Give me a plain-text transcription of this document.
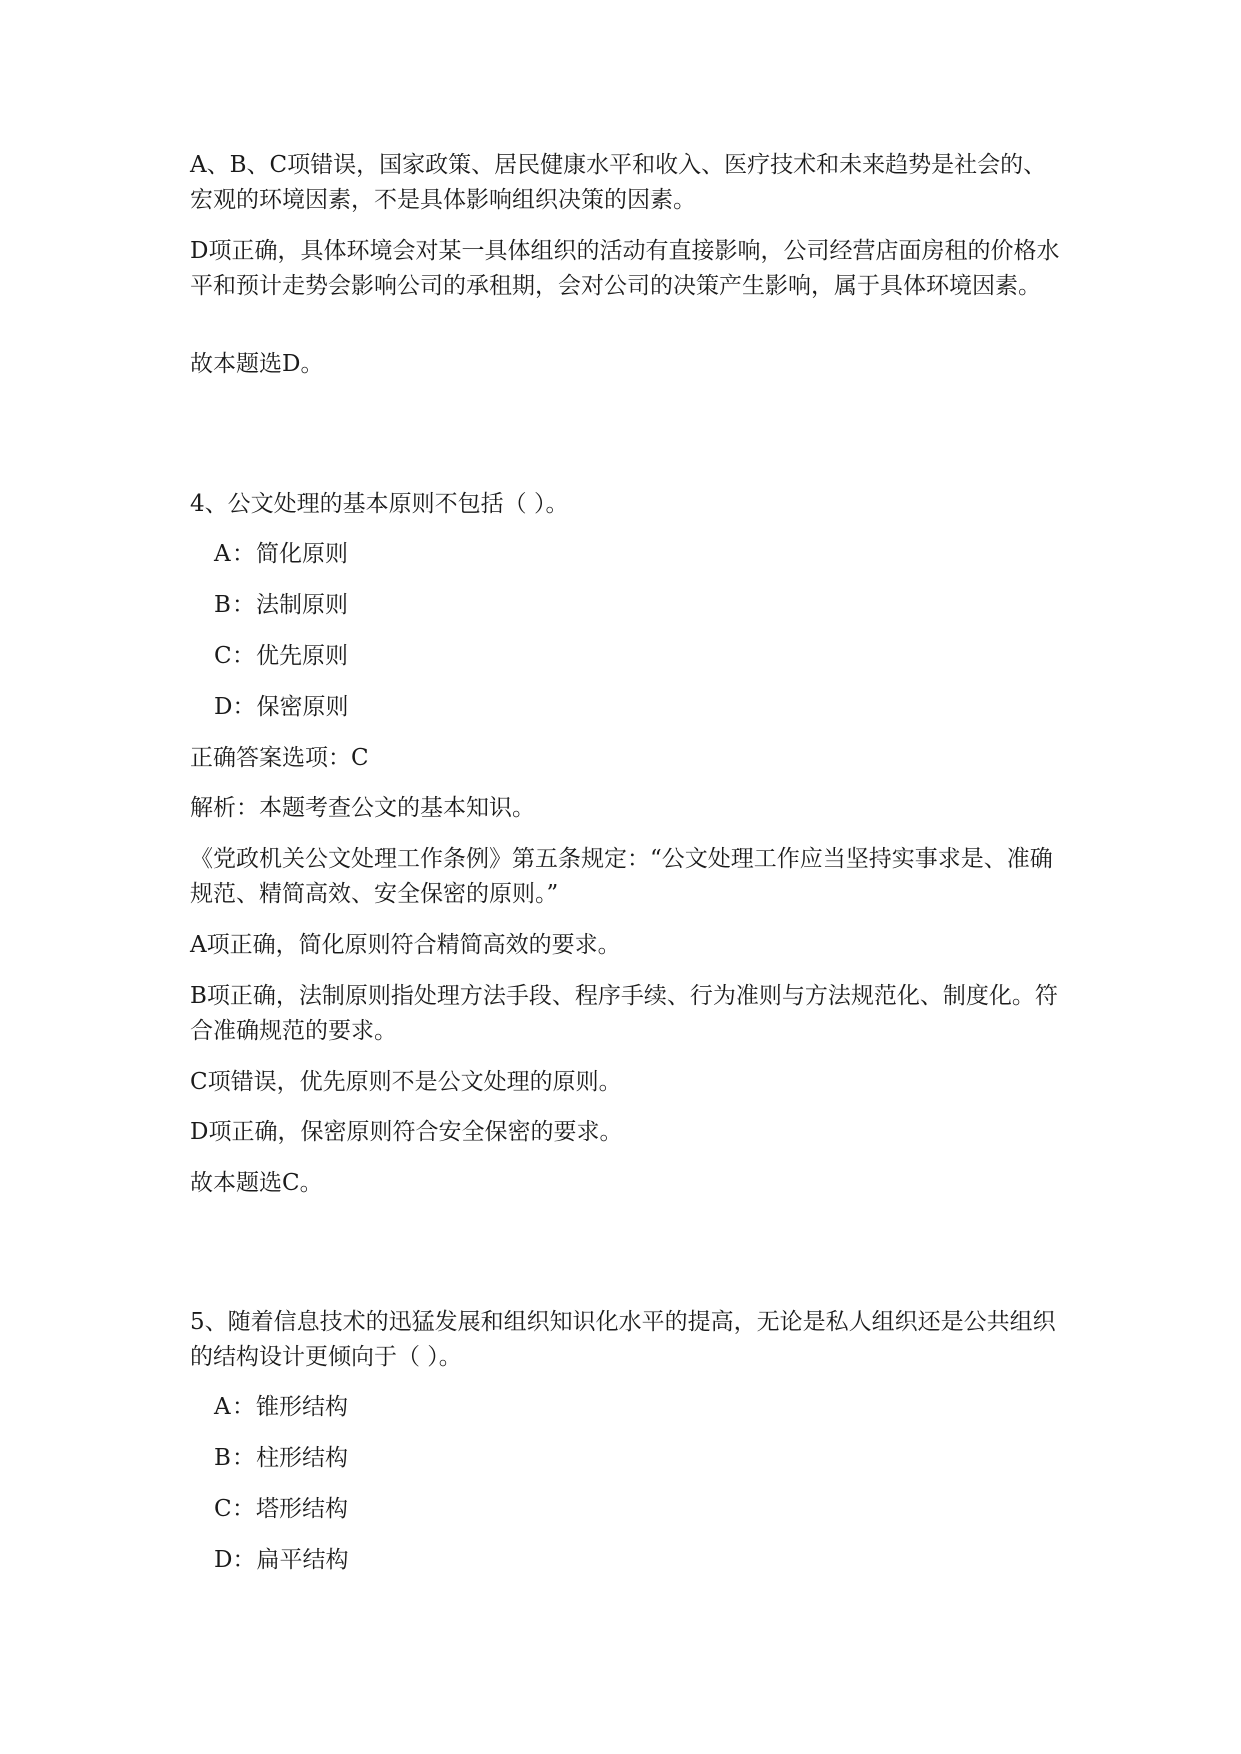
A、B、C项错误，国家政策、居民健康水平和收入、医疗技术和未来趋势是社会的、宏观的环境因素，不是具体影响组织决策的因素。

D项正确，具体环境会对某一具体组织的活动有直接影响，公司经营店面房租的价格水平和预计走势会影响公司的承租期，会对公司的决策产生影响，属于具体环境因素。

故本题选D。

4、公文处理的基本原则不包括（ ）。

A：简化原则

B：法制原则

C：优先原则

D：保密原则

正确答案选项：C

解析：本题考查公文的基本知识。

《党政机关公文处理工作条例》第五条规定：“公文处理工作应当坚持实事求是、准确规范、精简高效、安全保密的原则。”

A项正确，简化原则符合精简高效的要求。

B项正确，法制原则指处理方法手段、程序手续、行为准则与方法规范化、制度化。符合准确规范的要求。

C项错误，优先原则不是公文处理的原则。

D项正确，保密原则符合安全保密的要求。

故本题选C。

5、随着信息技术的迅猛发展和组织知识化水平的提高，无论是私人组织还是公共组织的结构设计更倾向于（ ）。

A：锥形结构

B：柱形结构

C：塔形结构

D：扁平结构
